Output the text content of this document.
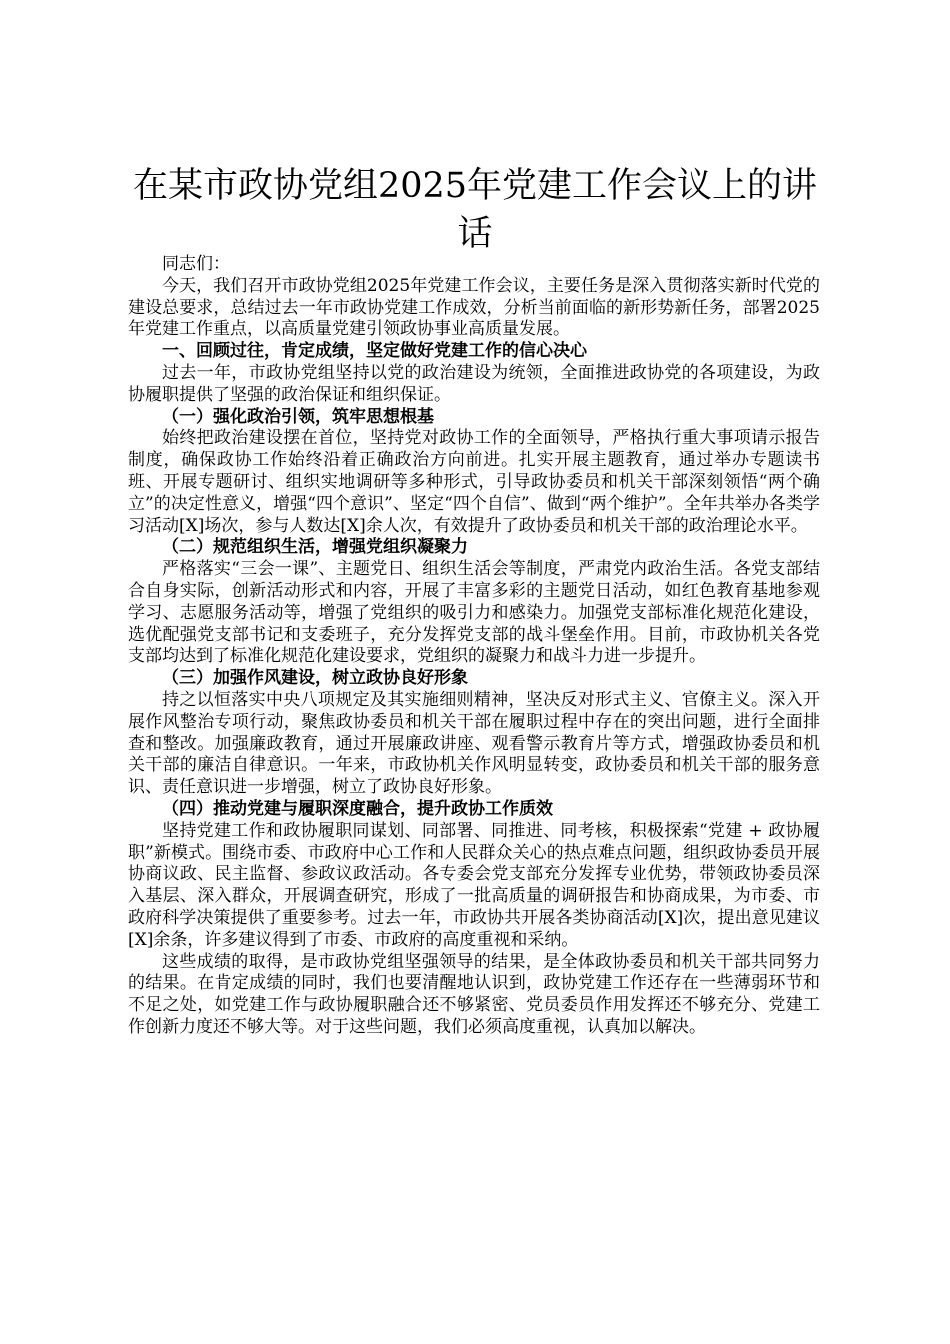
在某市政协党组2025年党建工作会议上的讲话

同志们：

今天，我们召开市政协党组2025年党建工作会议，主要任务是深入贯彻落实新时代党的建设总要求，总结过去一年市政协党建工作成效，分析当前面临的新形势新任务，部署2025年党建工作重点，以高质量党建引领政协事业高质量发展。

一、回顾过往，肯定成绩，坚定做好党建工作的信心决心

过去一年，市政协党组坚持以党的政治建设为统领，全面推进政协党的各项建设，为政协履职提供了坚强的政治保证和组织保证。

（一）强化政治引领，筑牢思想根基

始终把政治建设摆在首位，坚持党对政协工作的全面领导，严格执行重大事项请示报告制度，确保政协工作始终沿着正确政治方向前进。扎实开展主题教育，通过举办专题读书班、开展专题研讨、组织实地调研等多种形式，引导政协委员和机关干部深刻领悟“两个确立”的决定性意义，增强“四个意识”、坚定“四个自信”、做到“两个维护”。全年共举办各类学习活动[X]场次，参与人数达[X]余人次，有效提升了政协委员和机关干部的政治理论水平。

（二）规范组织生活，增强党组织凝聚力

严格落实“三会一课”、主题党日、组织生活会等制度，严肃党内政治生活。各党支部结合自身实际，创新活动形式和内容，开展了丰富多彩的主题党日活动，如红色教育基地参观学习、志愿服务活动等，增强了党组织的吸引力和感染力。加强党支部标准化规范化建设，选优配强党支部书记和支委班子，充分发挥党支部的战斗堡垒作用。目前，市政协机关各党支部均达到了标准化规范化建设要求，党组织的凝聚力和战斗力进一步提升。

（三）加强作风建设，树立政协良好形象

持之以恒落实中央八项规定及其实施细则精神，坚决反对形式主义、官僚主义。深入开展作风整治专项行动，聚焦政协委员和机关干部在履职过程中存在的突出问题，进行全面排查和整改。加强廉政教育，通过开展廉政讲座、观看警示教育片等方式，增强政协委员和机关干部的廉洁自律意识。一年来，市政协机关作风明显转变，政协委员和机关干部的服务意识、责任意识进一步增强，树立了政协良好形象。

（四）推动党建与履职深度融合，提升政协工作质效

坚持党建工作和政协履职同谋划、同部署、同推进、同考核，积极探索“党建 + 政协履职”新模式。围绕市委、市政府中心工作和人民群众关心的热点难点问题，组织政协委员开展协商议政、民主监督、参政议政活动。各专委会党支部充分发挥专业优势，带领政协委员深入基层、深入群众，开展调查研究，形成了一批高质量的调研报告和协商成果，为市委、市政府科学决策提供了重要参考。过去一年，市政协共开展各类协商活动[X]次，提出意见建议[X]余条，许多建议得到了市委、市政府的高度重视和采纳。

这些成绩的取得，是市政协党组坚强领导的结果，是全体政协委员和机关干部共同努力的结果。在肯定成绩的同时，我们也要清醒地认识到，政协党建工作还存在一些薄弱环节和不足之处，如党建工作与政协履职融合还不够紧密、党员委员作用发挥还不够充分、党建工作创新力度还不够大等。对于这些问题，我们必须高度重视，认真加以解决。
